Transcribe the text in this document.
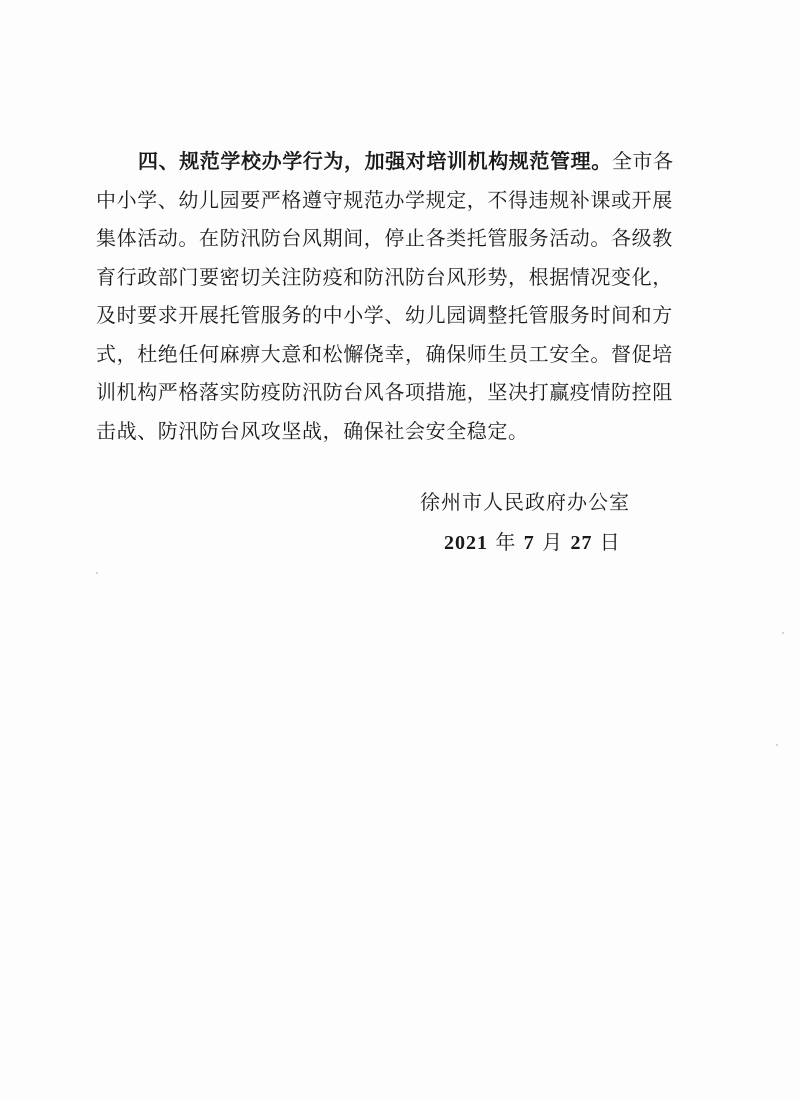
四、规范学校办学行为，加强对培训机构规范管理。全市各
中小学、幼儿园要严格遵守规范办学规定，不得违规补课或开展
集体活动。在防汛防台风期间，停止各类托管服务活动。各级教
育行政部门要密切关注防疫和防汛防台风形势，根据情况变化，
及时要求开展托管服务的中小学、幼儿园调整托管服务时间和方
式，杜绝任何麻痹大意和松懈侥幸，确保师生员工安全。督促培
训机构严格落实防疫防汛防台风各项措施，坚决打赢疫情防控阻
击战、防汛防台风攻坚战，确保社会安全稳定。
徐州市人民政府办公室
2021 年 7 月 27 日
